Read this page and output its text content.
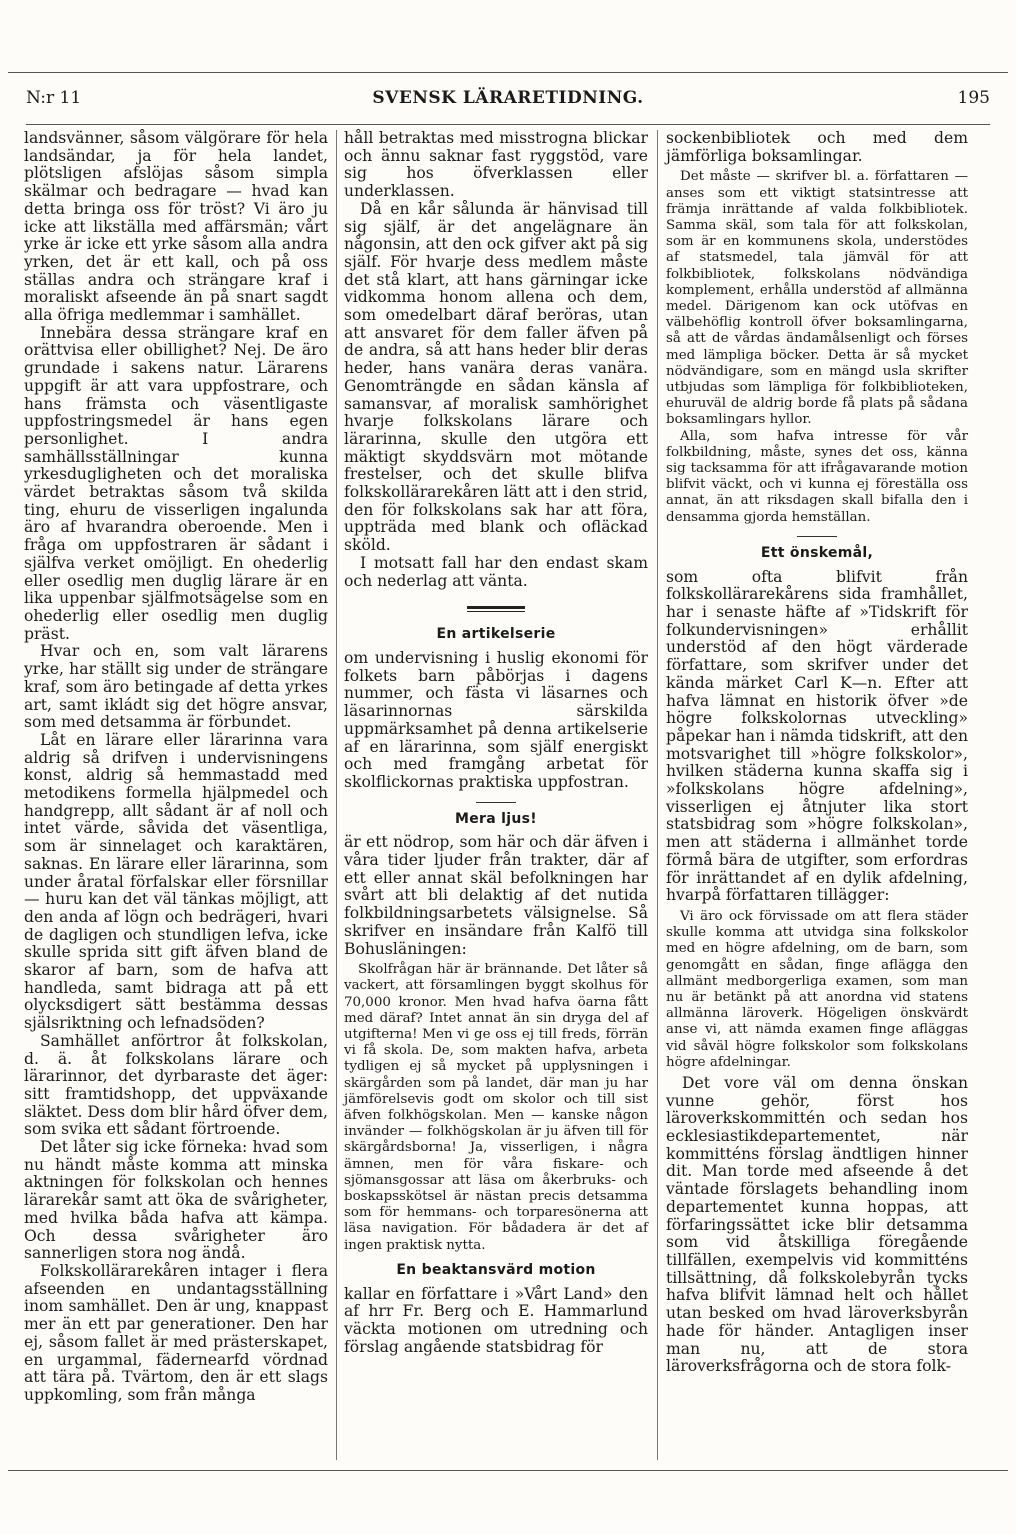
N:r 11	SVENSK LÄRARETIDNING.	195

landsvänner, såsom välgörare för hela landsändar, ja för hela landet, plötsligen afslöjas såsom simpla skälmar och bedragare — hvad kan detta bringa oss för tröst? Vi äro ju icke att likställa med affärsmän; vårt yrke är icke ett yrke såsom alla andra yrken, det är ett kall, och på oss ställas andra och strängare kraf i moraliskt afseende än på snart sagdt alla öfriga medlemmar i samhället.

Innebära dessa strängare kraf en orättvisa eller obillighet? Nej. De äro grundade i sakens natur. Lärarens uppgift är att vara uppfostrare, och hans främsta och väsentligaste uppfostringsmedel är hans egen personlighet. I andra samhällsställningar kunna yrkesdugligheten och det moraliska värdet betraktas såsom två skilda ting, ehuru de visserligen ingalunda äro af hvarandra oberoende. Men i fråga om uppfostraren är sådant i själfva verket omöjligt. En ohederlig eller osedlig men duglig lärare är en lika uppenbar själfmotsägelse som en ohederlig eller osedlig men duglig präst.

Hvar och en, som valt lärarens yrke, har ställt sig under de strängare kraf, som äro betingade af detta yrkes art, samt ikládt sig det högre ansvar, som med detsamma är förbundet.

Låt en lärare eller lärarinna vara aldrig så drifven i undervisningens konst, aldrig så hemmastadd med metodikens formella hjälpmedel och handgrepp, allt sådant är af noll och intet värde, såvida det väsentliga, som är sinnelaget och karaktären, saknas. En lärare eller lärarinna, som under åratal förfalskar eller försnillar — huru kan det väl tänkas möjligt, att den anda af lögn och bedrägeri, hvari de dagligen och stundligen lefva, icke skulle sprida sitt gift äfven bland de skaror af barn, som de hafva att handleda, samt bidraga att på ett olycksdigert sätt bestämma dessas själsriktning och lefnadsöden?

Samhället anförtror åt folkskolan, d. ä. åt folkskolans lärare och lärarinnor, det dyrbaraste det äger: sitt framtidshopp, det uppväxande släktet. Dess dom blir hård öfver dem, som svika ett sådant förtroende.

Det låter sig icke förneka: hvad som nu händt måste komma att minska aktningen för folkskolan och hennes lärarekår samt att öka de svårigheter, med hvilka båda hafva att kämpa. Och dessa svårigheter äro sannerligen stora nog ändå.

Folkskollärarekåren intager i flera afseenden en undantagsställning inom samhället. Den är ung, knappast mer än ett par generationer. Den har ej, såsom fallet är med prästerskapet, en urgammal, fädernearfd vördnad att tära på. Tvärtom, den är ett slags uppkomling, som från många

håll betraktas med misstrogna blickar och ännu saknar fast ryggstöd, vare sig hos öfverklassen eller underklassen.

Då en kår sålunda är hänvisad till sig själf, är det angelägnare än någonsin, att den ock gifver akt på sig själf. För hvarje dess medlem måste det stå klart, att hans gärningar icke vidkomma honom allena och dem, som omedelbart däraf beröras, utan att ansvaret för dem faller äfven på de andra, så att hans heder blir deras heder, hans vanära deras vanära. Genomträngde en sådan känsla af samansvar, af moralisk samhörighet hvarje folkskolans lärare och lärarinna, skulle den utgöra ett mäktigt skyddsvärn mot mötande frestelser, och det skulle blifva folkskollärarekåren lätt att i den strid, den för folkskolans sak har att föra, uppträda med blank och ofläckad sköld.

I motsatt fall har den endast skam och nederlag att vänta.

En artikelserie

om undervisning i huslig ekonomi för folkets barn påbörjas i dagens nummer, och fästa vi läsarnes och läsarinnornas särskilda uppmärksamhet på denna artikelserie af en lärarinna, som själf energiskt och med framgång arbetat för skolflickornas praktiska uppfostran.

Mera ljus!

är ett nödrop, som här och där äfven i våra tider ljuder från trakter, där af ett eller annat skäl befolkningen har svårt att bli delaktig af det nutida folkbildningsarbetets välsignelse. Så skrifver en insändare från Kalfö till Bohusläningen:

Skolfrågan här är brännande. Det låter så vackert, att församlingen byggt skolhus för 70,000 kronor. Men hvad hafva öarna fått med däraf? Intet annat än sin dryga del af utgifterna! Men vi ge oss ej till freds, förrän vi få skola. De, som makten hafva, arbeta tydligen ej så mycket på upplysningen i skärgården som på landet, där man ju har jämförelsevis godt om skolor och till sist äfven folkhögskolan. Men — kanske någon invänder — folkhögskolan är ju äfven till för skärgårdsborna! Ja, visserligen, i några ämnen, men för våra fiskare- och sjömansgossar att läsa om åkerbruks- och boskapsskötsel är nästan precis detsamma som för hemmans- och torparesönerna att läsa navigation. För bådadera är det af ingen praktisk nytta.

En beaktansvärd motion

kallar en författare i »Vårt Land» den af hrr Fr. Berg och E. Hammarlund väckta motionen om utredning och förslag angående statsbidrag för

sockenbibliotek och med dem jämförliga boksamlingar.

Det måste — skrifver bl. a. författaren — anses som ett viktigt statsintresse att främja inrättande af valda folkbibliotek. Samma skäl, som tala för att folkskolan, som är en kommunens skola, understödes af statsmedel, tala jämväl för att folkbibliotek, folkskolans nödvändiga komplement, erhålla understöd af allmänna medel. Därigenom kan ock utöfvas en välbehöflig kontroll öfver boksamlingarna, så att de vårdas ändamålsenligt och förses med lämpliga böcker. Detta är så mycket nödvändigare, som en mängd usla skrifter utbjudas som lämpliga för folkbiblioteken, ehuruväl de aldrig borde få plats på sådana boksamlingars hyllor.

Alla, som hafva intresse för vår folkbildning, måste, synes det oss, känna sig tacksamma för att ifrågavarande motion blifvit väckt, och vi kunna ej föreställa oss annat, än att riksdagen skall bifalla den i densamma gjorda hemställan.

Ett önskemål,

som ofta blifvit från folkskollärarekårens sida framhållet, har i senaste häfte af »Tidskrift för folkundervisningen» erhållit understöd af den högt värderade författare, som skrifver under det kända märket Carl K—n. Efter att hafva lämnat en historik öfver »de högre folkskolornas utveckling» påpekar han i nämda tidskrift, att den motsvarighet till »högre folkskolor», hvilken städerna kunna skaffa sig i »folkskolans högre afdelning», visserligen ej åtnjuter lika stort statsbidrag som »högre folkskolan», men att städerna i allmänhet torde förmå bära de utgifter, som erfordras för inrättandet af en dylik afdelning, hvarpå författaren tillägger:

Vi äro ock förvissade om att flera städer skulle komma att utvidga sina folkskolor med en högre afdelning, om de barn, som genomgått en sådan, finge aflägga den allmänt medborgerliga examen, som man nu är betänkt på att anordna vid statens allmänna läroverk. Högeligen önskvärdt anse vi, att nämda examen finge afläggas vid såväl högre folkskolor som folkskolans högre afdelningar.

Det vore väl om denna önskan vunne gehör, först hos läroverkskommittén och sedan hos ecklesiastikdepartementet, när kommitténs förslag ändtligen hinner dit. Man torde med afseende å det väntade förslagets behandling inom departementet kunna hoppas, att förfaringssättet icke blir detsamma som vid åtskilliga föregående tillfällen, exempelvis vid kommitténs tillsättning, då folkskolebyrån tycks hafva blifvit lämnad helt och hållet utan besked om hvad läroverksbyrån hade för händer. Antagligen inser man nu, att de stora läroverksfrågorna och de stora folk-
